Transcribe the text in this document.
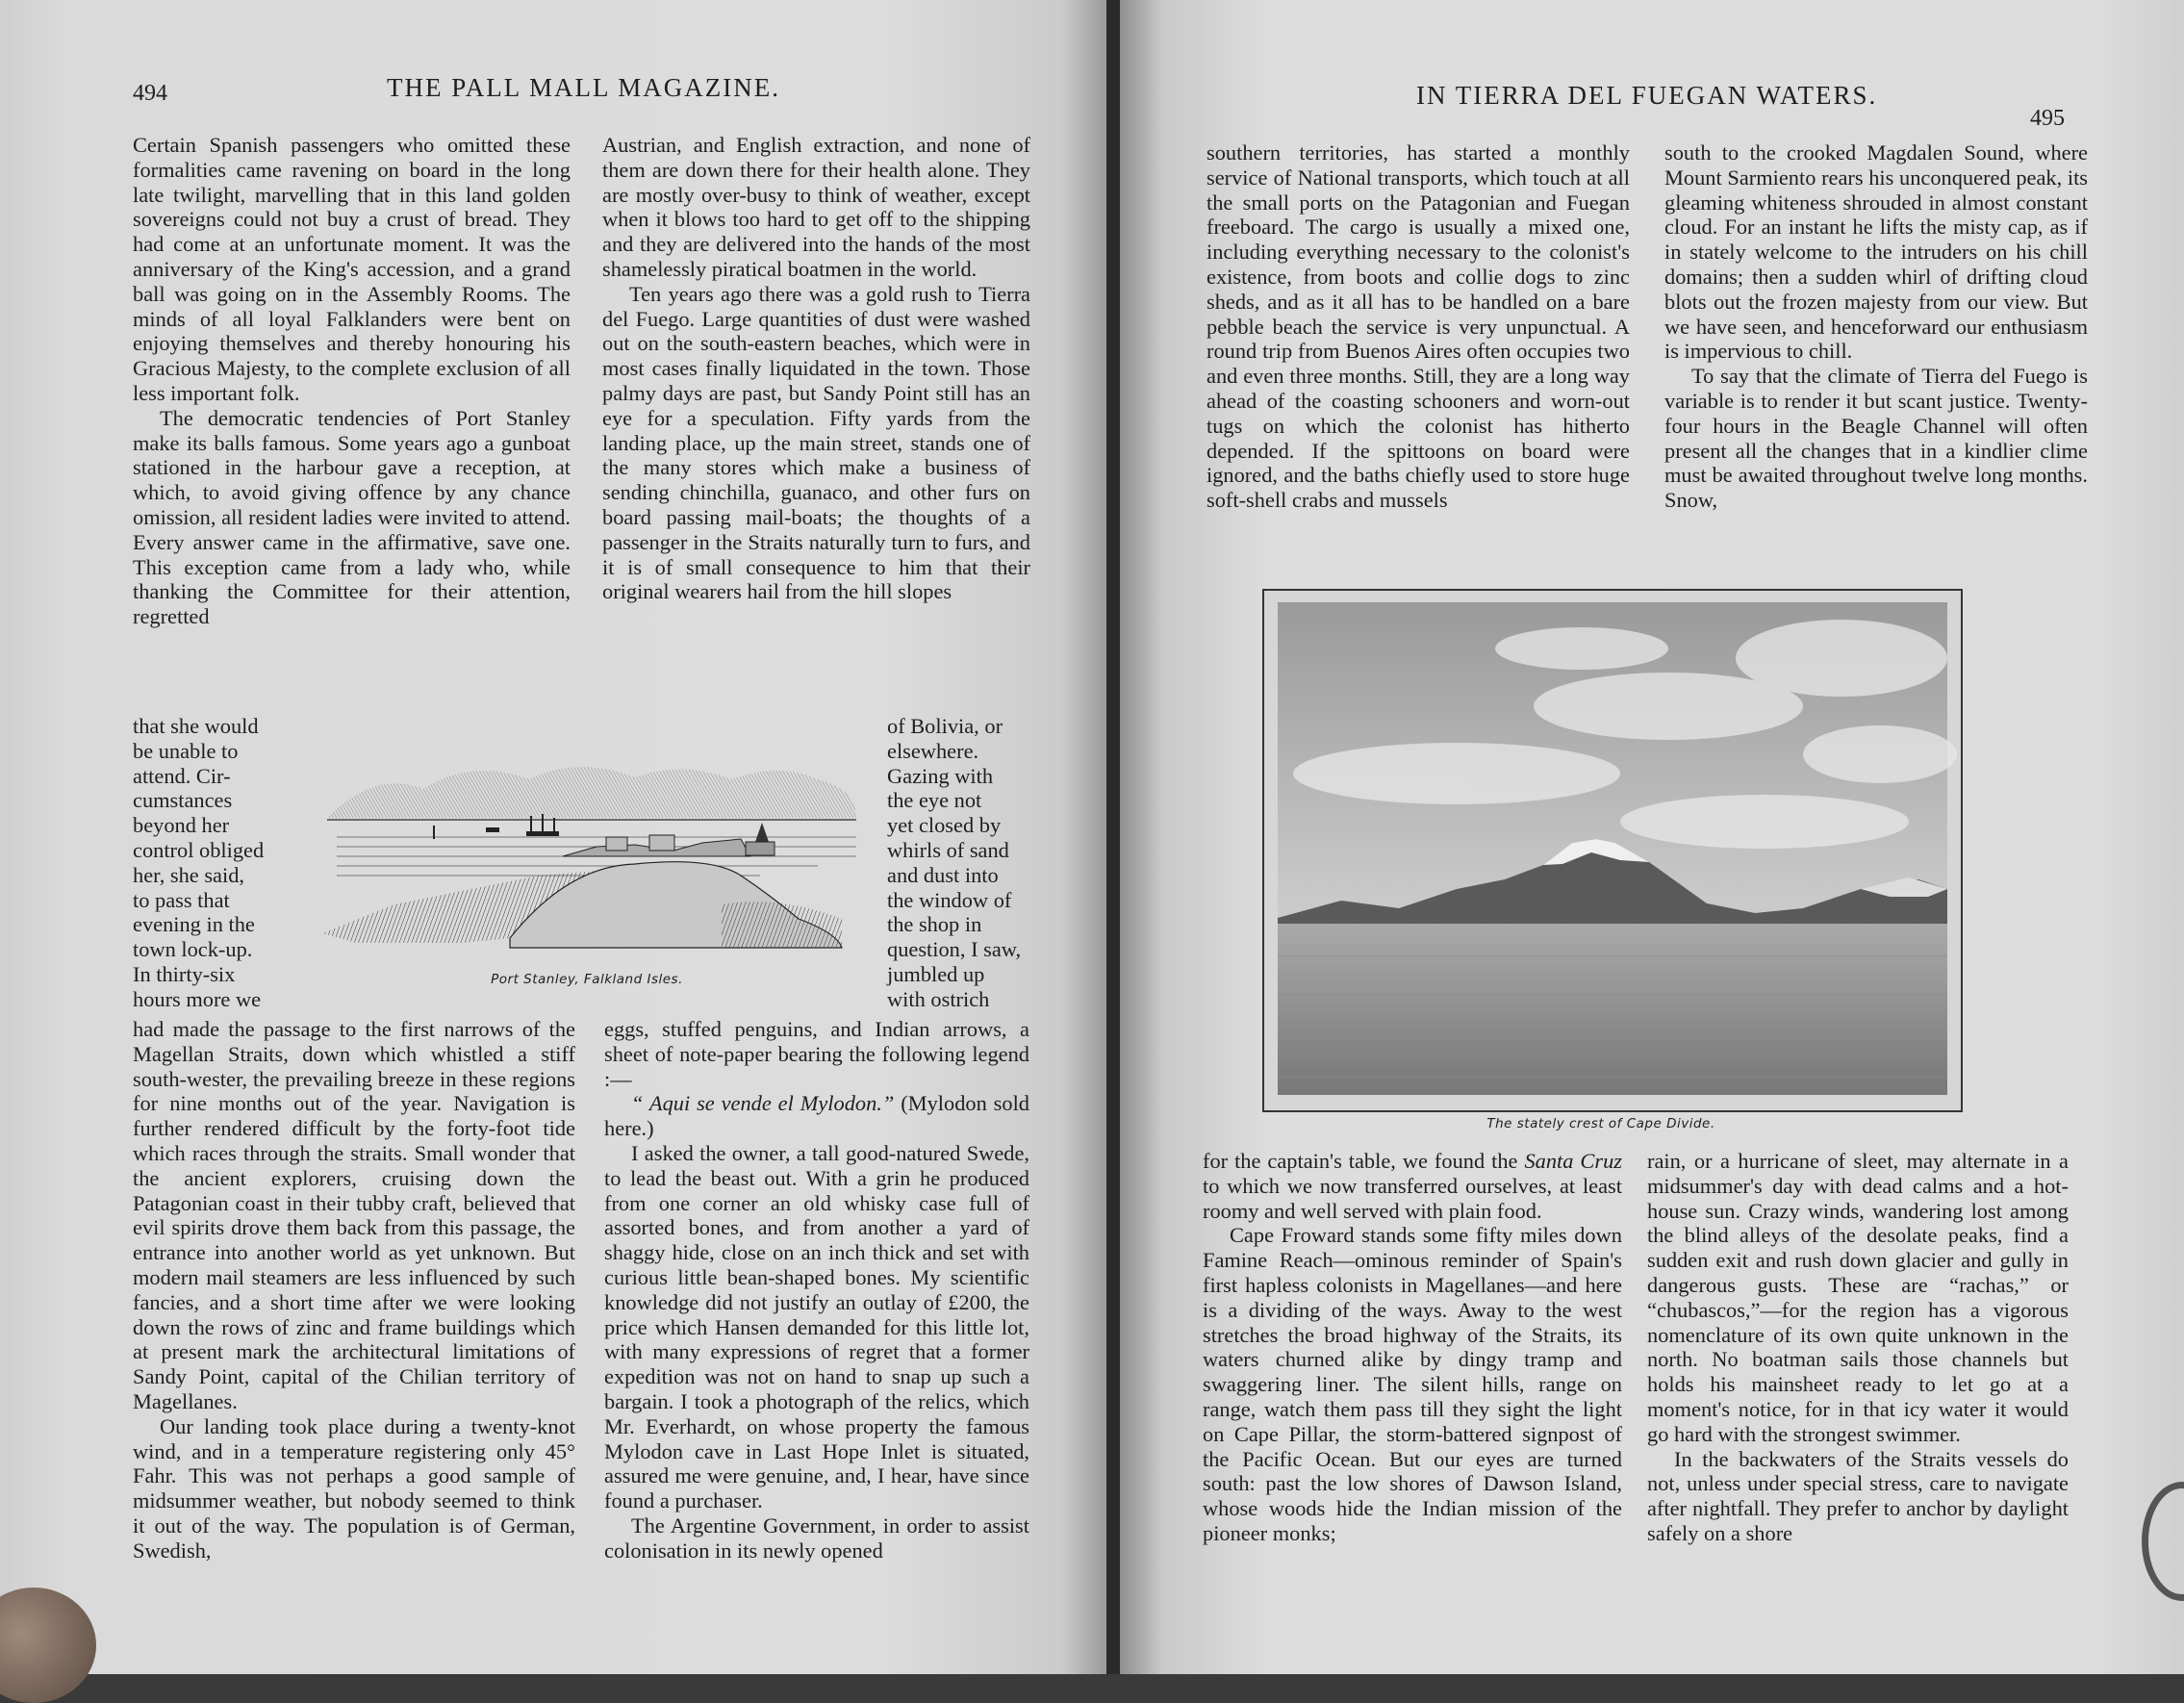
494	THE PALL MALL MAGAZINE.

Certain Spanish passengers who omitted these formalities came ravening on board in the long late twilight, marvelling that in this land golden sovereigns could not buy a crust of bread. They had come at an unfortunate moment. It was the anniversary of the King's accession, and a grand ball was going on in the Assembly Rooms. The minds of all loyal Falklanders were bent on enjoying themselves and thereby honouring his Gracious Majesty, to the complete exclusion of all less important folk.

The democratic tendencies of Port Stanley make its balls famous. Some years ago a gunboat stationed in the harbour gave a reception, at which, to avoid giving offence by any chance omission, all resident ladies were invited to attend. Every answer came in the affirmative, save one. This exception came from a lady who, while thanking the Committee for their attention, regretted

that she would
be unable to
attend. Cir-
cumstances
beyond her
control obliged
her, she said,
to pass that
evening in the
town lock-up.
In thirty-six
hours more we

had made the passage to the first narrows of the Magellan Straits, down which whistled a stiff south-wester, the prevailing breeze in these regions for nine months out of the year. Navigation is further rendered difficult by the forty-foot tide which races through the straits. Small wonder that the ancient explorers, cruising down the Patagonian coast in their tubby craft, believed that evil spirits drove them back from this passage, the entrance into another world as yet unknown. But modern mail steamers are less influenced by such fancies, and a short time after we were looking down the rows of zinc and frame buildings which at present mark the architectural limitations of Sandy Point, capital of the Chilian territory of Magellanes.

Our landing took place during a twenty-knot wind, and in a temperature registering only 45° Fahr. This was not perhaps a good sample of midsummer weather, but nobody seemed to think it out of the way. The population is of German, Swedish,

Austrian, and English extraction, and none of them are down there for their health alone. They are mostly over-busy to think of weather, except when it blows too hard to get off to the shipping and they are delivered into the hands of the most shamelessly piratical boatmen in the world.

Ten years ago there was a gold rush to Tierra del Fuego. Large quantities of dust were washed out on the south-eastern beaches, which were in most cases finally liquidated in the town. Those palmy days are past, but Sandy Point still has an eye for a speculation. Fifty yards from the landing place, up the main street, stands one of the many stores which make a business of sending chinchilla, guanaco, and other furs on board passing mail-boats; the thoughts of a passenger in the Straits naturally turn to furs, and it is of small consequence to him that their original wearers hail from the hill slopes

of Bolivia, or
elsewhere.
Gazing with
the eye not
yet closed by
whirls of sand
and dust into
the window of
the shop in
question, I saw,
jumbled up
with ostrich

eggs, stuffed penguins, and Indian arrows, a sheet of note-paper bearing the following legend :—

“ Aqui se vende el Mylodon.” (Mylodon sold here.)

I asked the owner, a tall good-natured Swede, to lead the beast out. With a grin he produced from one corner an old whisky case full of assorted bones, and from another a yard of shaggy hide, close on an inch thick and set with curious little bean-shaped bones. My scientific knowledge did not justify an outlay of £200, the price which Hansen demanded for this little lot, with many expressions of regret that a former expedition was not on hand to snap up such a bargain. I took a photograph of the relics, which Mr. Everhardt, on whose property the famous Mylodon cave in Last Hope Inlet is situated, assured me were genuine, and, I hear, have since found a purchaser.

The Argentine Government, in order to assist colonisation in its newly opened

Port Stanley, Falkland Isles.
IN TIERRA DEL FUEGAN WATERS.
495

southern territories, has started a monthly service of National transports, which touch at all the small ports on the Patagonian and Fuegan freeboard. The cargo is usually a mixed one, including everything necessary to the colonist's existence, from boots and collie dogs to zinc sheds, and as it all has to be handled on a bare pebble beach the service is very unpunctual. A round trip from Buenos Aires often occupies two and even three months. Still, they are a long way ahead of the coasting schooners and worn-out tugs on which the colonist has hitherto depended. If the spittoons on board were ignored, and the baths chiefly used to store huge soft-shell crabs and mussels

south to the crooked Magdalen Sound, where Mount Sarmiento rears his unconquered peak, its gleaming whiteness shrouded in almost constant cloud. For an instant he lifts the misty cap, as if in stately welcome to the intruders on his chill domains; then a sudden whirl of drifting cloud blots out the frozen majesty from our view. But we have seen, and henceforward our enthusiasm is impervious to chill.

To say that the climate of Tierra del Fuego is variable is to render it but scant justice. Twenty-four hours in the Beagle Channel will often present all the changes that in a kindlier clime must be awaited throughout twelve long months. Snow,

The stately crest of Cape Divide.

for the captain's table, we found the Santa Cruz to which we now transferred ourselves, at least roomy and well served with plain food.

Cape Froward stands some fifty miles down Famine Reach—ominous reminder of Spain's first hapless colonists in Magellanes—and here is a dividing of the ways. Away to the west stretches the broad highway of the Straits, its waters churned alike by dingy tramp and swaggering liner. The silent hills, range on range, watch them pass till they sight the light on Cape Pillar, the storm-battered signpost of the Pacific Ocean. But our eyes are turned south: past the low shores of Dawson Island, whose woods hide the Indian mission of the pioneer monks;

rain, or a hurricane of sleet, may alternate in a midsummer's day with dead calms and a hot-house sun. Crazy winds, wandering lost among the blind alleys of the desolate peaks, find a sudden exit and rush down glacier and gully in dangerous gusts. These are “rachas,” or “chubascos,”—for the region has a vigorous nomenclature of its own quite unknown in the north. No boatman sails those channels but holds his mainsheet ready to let go at a moment's notice, for in that icy water it would go hard with the strongest swimmer.

In the backwaters of the Straits vessels do not, unless under special stress, care to navigate after nightfall. They prefer to anchor by daylight safely on a shore
